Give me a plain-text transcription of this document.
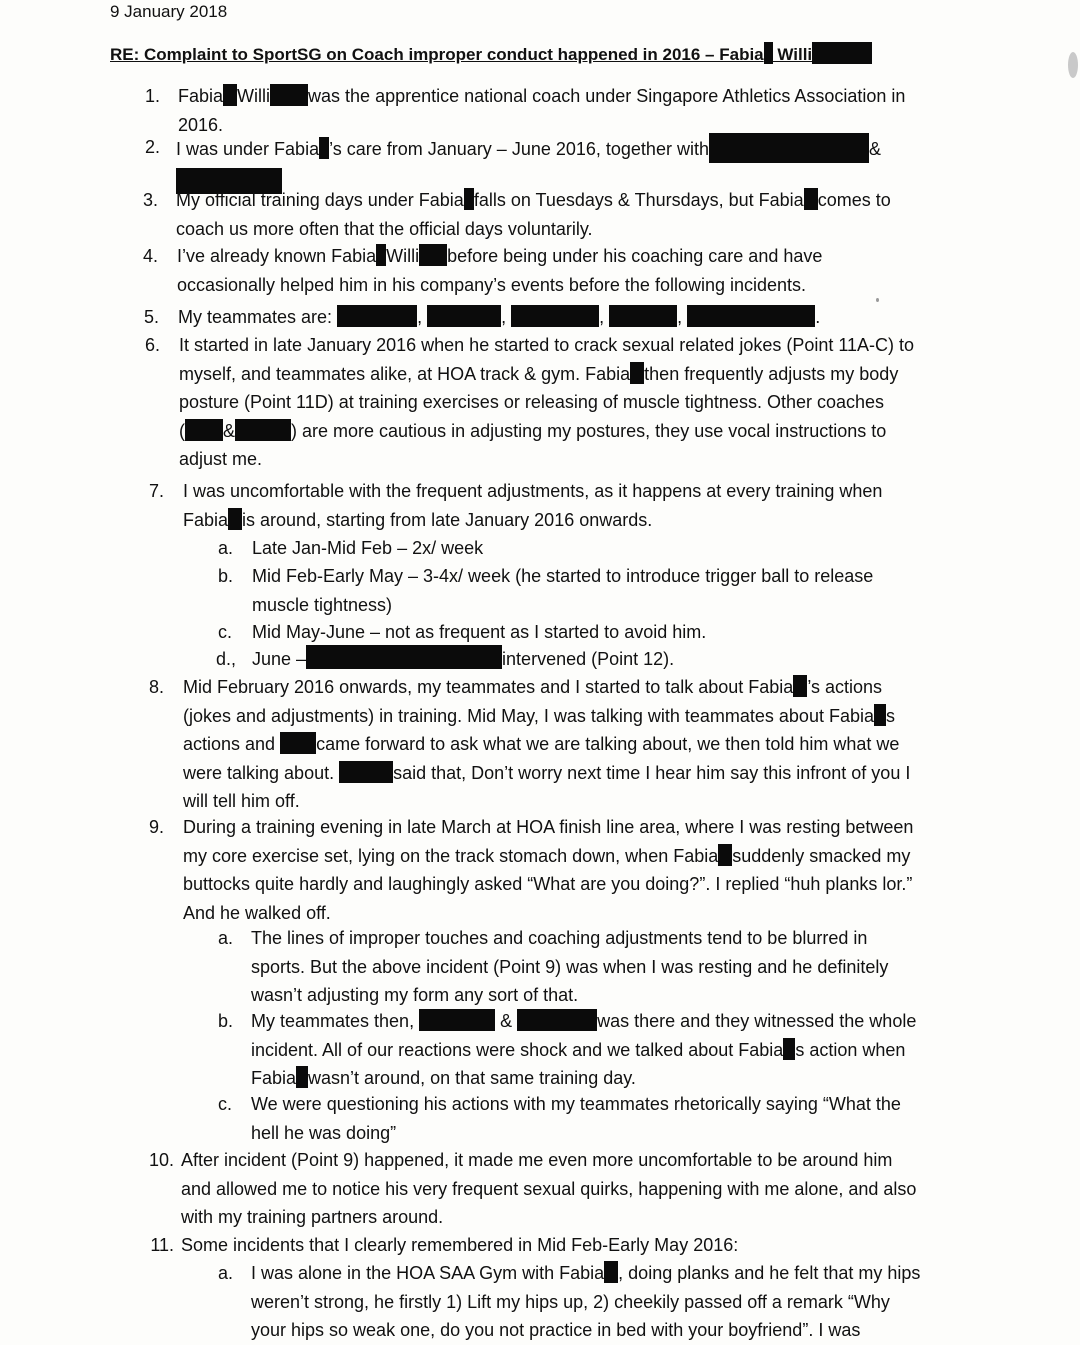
9 January 2018
RE: Complaint to SportSG on Coach improper conduct happened in 2016 – Fabia Willi
1. Fabia Willi was the apprentice national coach under Singapore Athletics Association in
2016.
2. I was under Fabia ’s care from January – June 2016, together with	&
3. My official training days under Fabia falls on Tuesdays & Thursdays, but Fabia comes to
coach us more often that the official days voluntarily.
4. I’ve already known Fabia Willi before being under his coaching care and have
occasionally helped him in his company’s events before the following incidents.
5. My teammates are:	,	,	,	,	.
6. It started in late January 2016 when he started to crack sexual related jokes (Point 11A-C) to
myself, and teammates alike, at HOA track & gym. Fabia then frequently adjusts my body
posture (Point 11D) at training exercises or releasing of muscle tightness. Other coaches
( &	) are more cautious in adjusting my postures, they use vocal instructions to
adjust me.
7. I was uncomfortable with the frequent adjustments, as it happens at every training when
Fabia is around, starting from late January 2016 onwards.
a.	Late Jan-Mid Feb – 2x/ week
b.	Mid Feb-Early May – 3-4x/ week (he started to introduce trigger ball to release
muscle tightness)
c.	Mid May-June – not as frequent as I started to avoid him.
d., June –	intervened (Point 12).
8. Mid February 2016 onwards, my teammates and I started to talk about Fabia ’s actions
(jokes and adjustments) in training. Mid May, I was talking with teammates about Fabia s
actions and came forward to ask what we are talking about, we then told him what we
were talking about.	said that, Don’t worry next time I hear him say this infront of you I
will tell him off.
9. During a training evening in late March at HOA finish line area, where I was resting between
my core exercise set, lying on the track stomach down, when Fabia suddenly smacked my
buttocks quite hardly and laughingly asked “What are you doing?”. I replied “huh planks lor.”
And he walked off.
a. The lines of improper touches and coaching adjustments tend to be blurred in
sports. But the above incident (Point 9) was when I was resting and he definitely
wasn’t adjusting my form any sort of that.
b. My teammates then,	&	was there and they witnessed the whole
incident. All of our reactions were shock and we talked about Fabia s action when
Fabia wasn’t around, on that same training day.
c.	We were questioning his actions with my teammates rhetorically saying “What the
hell he was doing”
10. After incident (Point 9) happened, it made me even more uncomfortable to be around him
and allowed me to notice his very frequent sexual quirks, happening with me alone, and also
with my training partners around.
11. Some incidents that I clearly remembered in Mid Feb-Early May 2016:
a. I was alone in the HOA SAA Gym with Fabia , doing planks and he felt that my hips
weren’t strong, he firstly 1) Lift my hips up, 2) cheekily passed off a remark “Why
your hips so weak one, do you not practice in bed with your boyfriend”. I was
